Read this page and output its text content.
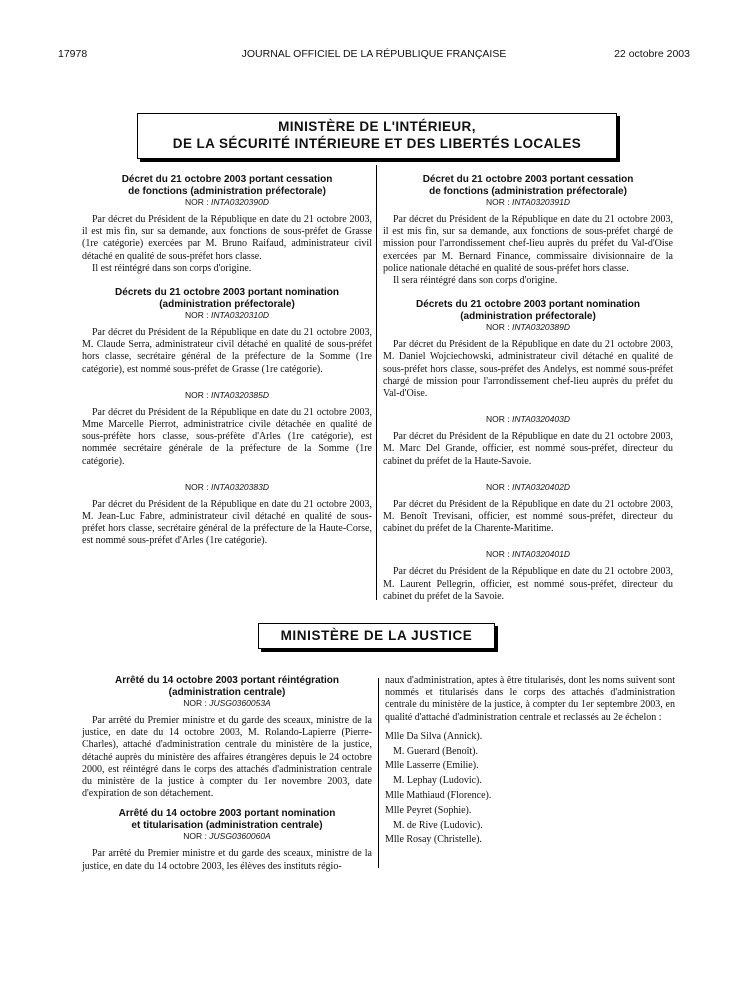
17978	JOURNAL OFFICIEL DE LA RÉPUBLIQUE FRANÇAISE	22 octobre 2003
MINISTÈRE DE L'INTÉRIEUR,
DE LA SÉCURITÉ INTÉRIEURE ET DES LIBERTÉS LOCALES

Décret du 21 octobre 2003 portant cessation
de fonctions (administration préfectorale)

NOR : INTA0320390D

Par décret du Président de la République en date du 21 octobre 2003, il est mis fin, sur sa demande, aux fonctions de sous-préfet de Grasse (1re catégorie) exercées par M. Bruno Raifaud, administrateur civil détaché en qualité de sous-préfet hors classe.

Il est réintégré dans son corps d'origine.

Décrets du 21 octobre 2003 portant nomination
(administration préfectorale)

NOR : INTA0320310D

Par décret du Président de la République en date du 21 octobre 2003, M. Claude Serra, administrateur civil détaché en qualité de sous-préfet hors classe, secrétaire général de la préfecture de la Somme (1re catégorie), est nommé sous-préfet de Grasse (1re catégorie).

NOR : INTA0320385D

Par décret du Président de la République en date du 21 octobre 2003, Mme Marcelle Pierrot, administratrice civile détachée en qualité de sous-préfète hors classe, sous-préfète d'Arles (1re catégorie), est nommée secrétaire générale de la préfecture de la Somme (1re catégorie).

NOR : INTA0320383D

Par décret du Président de la République en date du 21 octobre 2003, M. Jean-Luc Fabre, administrateur civil détaché en qualité de sous-préfet hors classe, secrétaire général de la préfecture de la Haute-Corse, est nommé sous-préfet d'Arles (1re catégorie).

Décret du 21 octobre 2003 portant cessation
de fonctions (administration préfectorale)

NOR : INTA0320391D

Par décret du Président de la République en date du 21 octobre 2003, il est mis fin, sur sa demande, aux fonctions de sous-préfet chargé de mission pour l'arrondissement chef-lieu auprès du préfet du Val-d'Oise exercées par M. Bernard Finance, commissaire divisionnaire de la police nationale détaché en qualité de sous-préfet hors classe.

Il sera réintégré dans son corps d'origine.

Décrets du 21 octobre 2003 portant nomination
(administration préfectorale)

NOR : INTA0320389D

Par décret du Président de la République en date du 21 octobre 2003, M. Daniel Wojciechowski, administrateur civil détaché en qualité de sous-préfet hors classe, sous-préfet des Andelys, est nommé sous-préfet chargé de mission pour l'arrondissement chef-lieu auprès du préfet du Val-d'Oise.

NOR : INTA0320403D

Par décret du Président de la République en date du 21 octobre 2003, M. Marc Del Grande, officier, est nommé sous-préfet, directeur du cabinet du préfet de la Haute-Savoie.

NOR : INTA0320402D

Par décret du Président de la République en date du 21 octobre 2003, M. Benoît Trevisani, officier, est nommé sous-préfet, directeur du cabinet du préfet de la Charente-Maritime.

NOR : INTA0320401D

Par décret du Président de la République en date du 21 octobre 2003, M. Laurent Pellegrin, officier, est nommé sous-préfet, directeur du cabinet du préfet de la Savoie.

MINISTÈRE DE LA JUSTICE

Arrêté du 14 octobre 2003 portant réintégration
(administration centrale)

NOR : JUSG0360053A

Par arrêté du Premier ministre et du garde des sceaux, ministre de la justice, en date du 14 octobre 2003, M. Rolando-Lapierre (Pierre-Charles), attaché d'administration centrale du ministère de la justice, détaché auprès du ministère des affaires étrangères depuis le 24 octobre 2000, est réintégré dans le corps des attachés d'administration centrale du ministère de la justice à compter du 1er novembre 2003, date d'expiration de son détachement.

Arrêté du 14 octobre 2003 portant nomination
et titularisation (administration centrale)

NOR : JUSG0360060A

Par arrêté du Premier ministre et du garde des sceaux, ministre de la justice, en date du 14 octobre 2003, les élèves des instituts régio-

naux d'administration, aptes à être titularisés, dont les noms suivent sont nommés et titularisés dans le corps des attachés d'administration centrale du ministère de la justice, à compter du 1er septembre 2003, en qualité d'attaché d'administration centrale et reclassés au 2e échelon :

Mlle Da Silva (Annick).
M. Guerard (Benoît).
Mlle Lasserre (Emilie).
M. Lephay (Ludovic).
Mlle Mathiaud (Florence).
Mlle Peyret (Sophie).
M. de Rive (Ludovic).
Mlle Rosay (Christelle).
